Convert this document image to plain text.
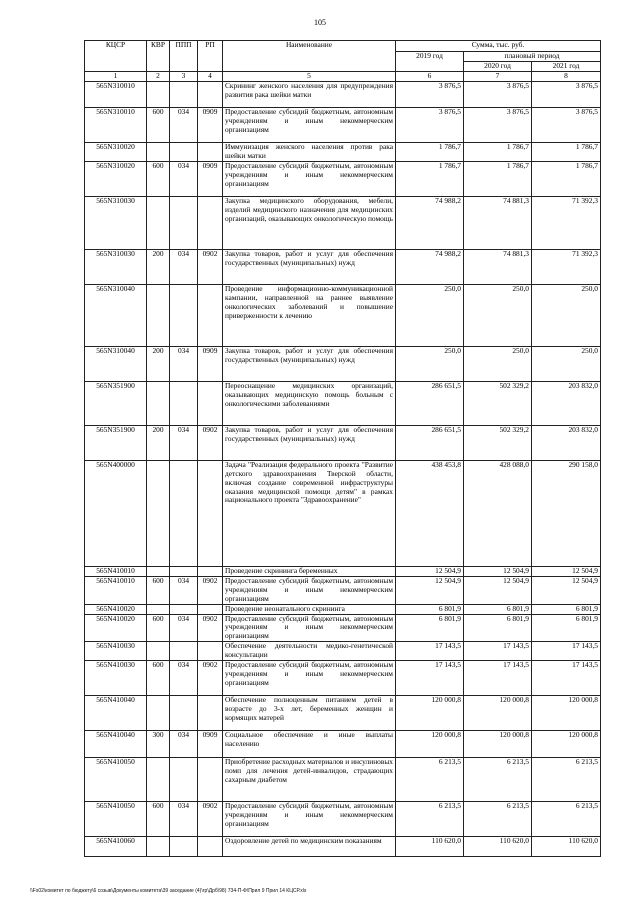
105
КЦСР	КВР	ППП	РП	Наименование	Сумма, тыс. руб.		
					2019 год	плановый период	
						2020 год	2021 год
1	2	3	4	5	6	7	8
565N310010				Скрининг женского населения для предупреждения развития рака шейки матки	3 876,5	3 876,5	3 876,5
565N310010	600	034	0909	Предоставление субсидий бюджетным, автономным учреждениям и иным некоммерческим организациям	3 876,5	3 876,5	3 876,5
565N310020				Иммунизация женского населения против рака шейки матки	1 786,7	1 786,7	1 786,7
565N310020	600	034	0909	Предоставление субсидий бюджетным, автономным учреждениям и иным некоммерческим организациям	1 786,7	1 786,7	1 786,7
565N310030				Закупка медицинского оборудования, мебели, изделий медицинского назначения для медицинских организаций, оказывающих онкологическую помощь	74 988,2	74 881,3	71 392,3
565N310030	200	034	0902	Закупка товаров, работ и услуг для обеспечения государственных (муниципальных) нужд	74 988,2	74 881,3	71 392,3
565N310040				Проведение информационно-коммуникационной кампании, направленной на раннее выявление онкологических заболеваний и повышение приверженности к лечению	250,0	250,0	250,0
565N310040	200	034	0909	Закупка товаров, работ и услуг для обеспечения государственных (муниципальных) нужд	250,0	250,0	250,0
565N351900				Переоснащение медицинских организаций, оказывающих медицинскую помощь больным с онкологическими заболеваниями	286 651,5	502 329,2	203 832,0
565N351900	200	034	0902	Закупка товаров, работ и услуг для обеспечения государственных (муниципальных) нужд	286 651,5	502 329,2	203 832,0
565N400000				Задача "Реализация федерального проекта "Развитие детского здравоохранения Тверской области, включая создание современной инфраструктуры оказания медицинской помощи детям" в рамках национального проекта "Здравоохранение"	438 453,8	428 088,0	290 158,0
565N410010				Проведение скрининга беременных	12 504,9	12 504,9	12 504,9
565N410010	600	034	0902	Предоставление субсидий бюджетным, автономным учреждениям и иным некоммерческим организациям	12 504,9	12 504,9	12 504,9
565N410020				Проведение неонатального скрининга	6 801,9	6 801,9	6 801,9
565N410020	600	034	0902	Предоставление субсидий бюджетным, автономным учреждениям и иным некоммерческим организациям	6 801,9	6 801,9	6 801,9
565N410030				Обеспечение деятельности медико-генетической консультации	17 143,5	17 143,5	17 143,5
565N410030	600	034	0902	Предоставление субсидий бюджетным, автономным учреждениям и иным некоммерческим организациям	17 143,5	17 143,5	17 143,5
565N410040				Обеспечение полноценным питанием детей в возрасте до 3-х лет, беременных женщин и кормящих матерей	120 000,8	120 000,8	120 000,8
565N410040	300	034	0909	Социальное обеспечение и иные выплаты населению	120 000,8	120 000,8	120 000,8
565N410050				Приобретение расходных материалов и инсулиновых помп для лечения детей-инвалидов, страдающих сахарным диабетом	6 213,5	6 213,5	6 213,5
565N410050	600	034	0902	Предоставление субсидий бюджетным, автономным учреждениям и иным некоммерческим организациям	6 213,5	6 213,5	6 213,5
565N410060				Оздоровление детей по медицинским показаниям	110 620,0	110 620,0	110 620,0
\\Fs02\комитет по бюджету\6 созыв\Документы комитета\39 заседание (4)\гр\Дрб\98) 734-П-Ф\Прил 9 Прил 14 КЦСР.xls
